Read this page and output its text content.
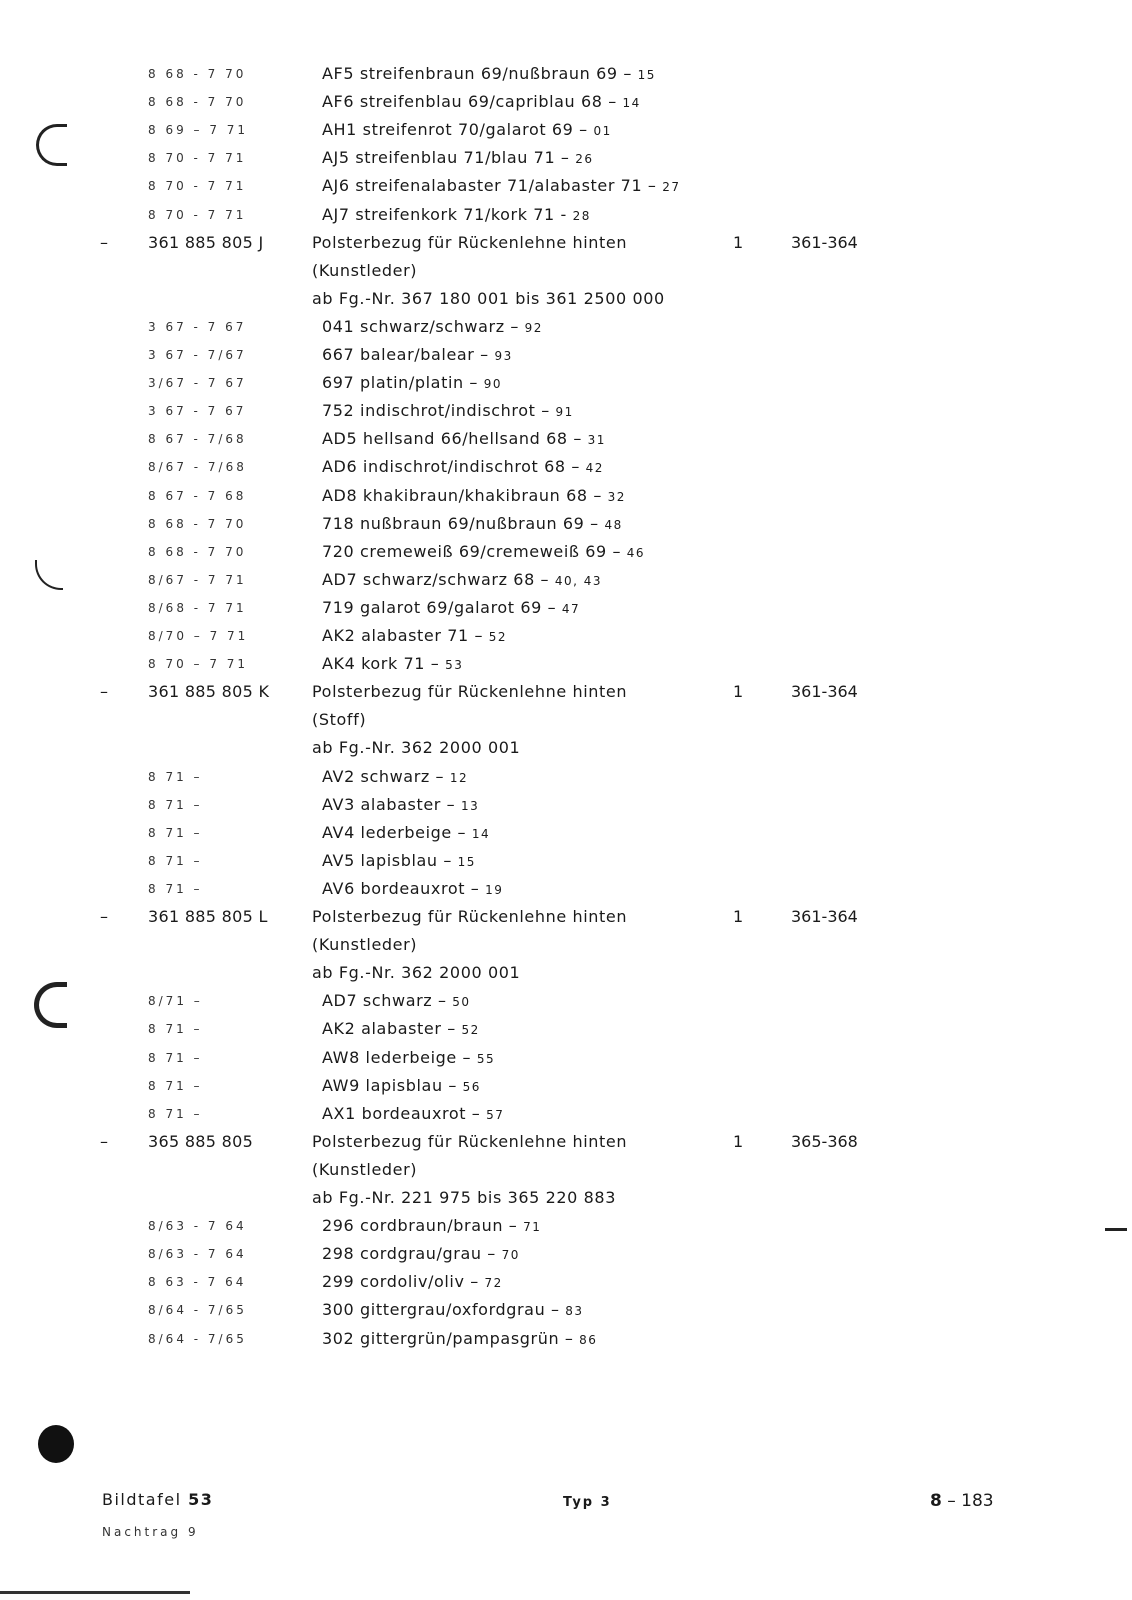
8 68 - 7 70	AF5 streifenbraun 69/nußbraun 69 – 15
8 68 - 7 70	AF6 streifenblau 69/capriblau 68 – 14
8 69 – 7 71	AH1 streifenrot 70/galarot 69 – 01
8 70 - 7 71	AJ5 streifenblau 71/blau 71 – 26
8 70 - 7 71	AJ6 streifenalabaster 71/alabaster 71 – 27
8 70 - 7 71	AJ7 streifenkork 71/kork 71 - 28
–	361 885 805 J	Polsterbezug für Rückenlehne hinten	1	361-364
(Kunstleder)
ab Fg.-Nr. 367 180 001 bis 361 2500 000
3 67 - 7 67	041 schwarz/schwarz – 92
3 67 - 7/67	667 balear/balear – 93
3/67 - 7 67	697 platin/platin – 90
3 67 - 7 67	752 indischrot/indischrot – 91
8 67 - 7/68	AD5 hellsand 66/hellsand 68 – 31
8/67 - 7/68	AD6 indischrot/indischrot 68 – 42
8 67 - 7 68	AD8 khakibraun/khakibraun 68 – 32
8 68 - 7 70	718 nußbraun 69/nußbraun 69 – 48
8 68 - 7 70	720 cremeweiß 69/cremeweiß 69 – 46
8/67 - 7 71	AD7 schwarz/schwarz 68 – 40, 43
8/68 - 7 71	719 galarot 69/galarot 69 – 47
8/70 – 7 71	AK2 alabaster 71 – 52
8 70 – 7 71	AK4 kork 71 – 53
–	361 885 805 K	Polsterbezug für Rückenlehne hinten	1	361-364
(Stoff)
ab Fg.-Nr. 362 2000 001
8 71 –	AV2 schwarz – 12
8 71 –	AV3 alabaster – 13
8 71 –	AV4 lederbeige – 14
8 71 –	AV5 lapisblau – 15
8 71 –	AV6 bordeauxrot – 19
–	361 885 805 L	Polsterbezug für Rückenlehne hinten	1	361-364
(Kunstleder)
ab Fg.-Nr. 362 2000 001
8/71 –	AD7 schwarz – 50
8 71 –	AK2 alabaster – 52
8 71 –	AW8 lederbeige – 55
8 71 –	AW9 lapisblau – 56
8 71 –	AX1 bordeauxrot – 57
–	365 885 805	Polsterbezug für Rückenlehne hinten	1	365-368
(Kunstleder)
ab Fg.-Nr. 221 975 bis 365 220 883
8/63 - 7 64	296 cordbraun/braun – 71
8/63 - 7 64	298 cordgrau/grau – 70
8 63 - 7 64	299 cordoliv/oliv – 72
8/64 - 7/65	300 gittergrau/oxfordgrau – 83
8/64 - 7/65	302 gittergrün/pampasgrün – 86
Bildtafel 53
Nachtrag 9
Typ 3	8 – 183
